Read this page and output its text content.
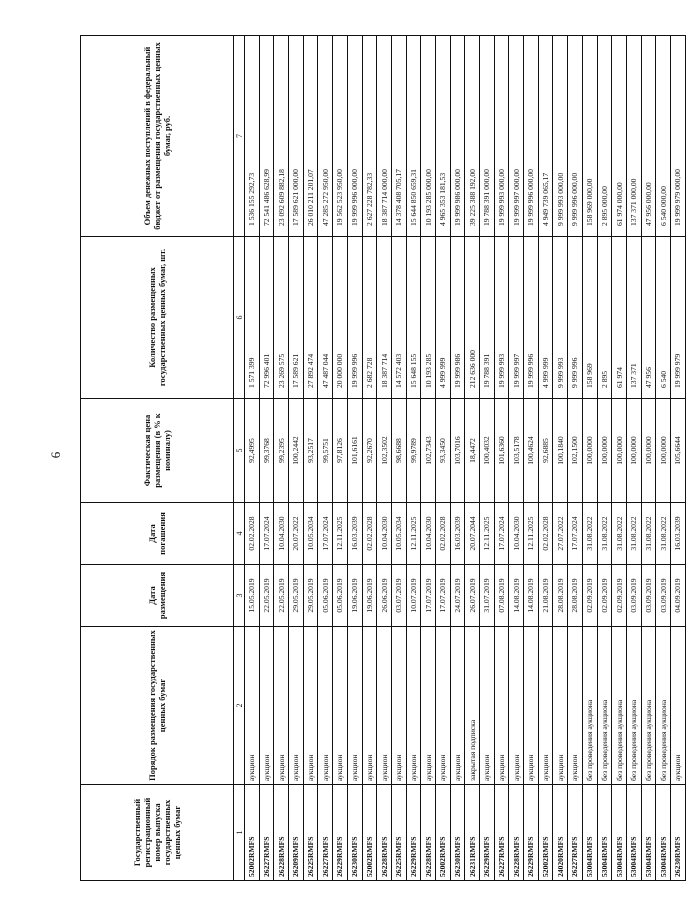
6
Государственный регистрационный номер выпуска государственных ценных бумаг	Порядок размещения государственных ценных бумаг	Дата размещения	Дата погашения	Фактическая цена размещения (в % к номиналу)	Количество размещенных государственных ценных бумаг, шт.	Объем денежных поступлений в федеральный бюджет от размещения государственных ценных бумаг, руб.
1	2	3	4	5	6	7
52002RMFS	аукцион	15.05.2019	02.02.2028	92,4995	1 571 399	1 536 155 292,73
26227RMFS	аукцион	22.05.2019	17.07.2024	99,3768	72 996 401	72 541 486 628,99
26228RMFS	аукцион	22.05.2019	10.04.2030	99,2395	23 269 575	23 092 609 882,18
26209RMFS	аукцион	29.05.2019	20.07.2022	100,2442	17 589 621	17 589 621 000,00
26225RMFS	аукцион	29.05.2019	10.05.2034	93,2517	27 892 474	26 010 211 201,07
26227RMFS	аукцион	05.06.2019	17.07.2024	99,5751	47 487 044	47 285 272 950,00
26229RMFS	аукцион	05.06.2019	12.11.2025	97,8126	20 000 000	19 562 523 950,00
26230RMFS	аукцион	19.06.2019	16.03.2039	101,6161	19 999 996	19 999 996 000,00
52002RMFS	аукцион	19.06.2019	02.02.2028	92,2670	2 682 728	2 627 228 782,33
26228RMFS	аукцион	26.06.2019	10.04.2030	102,3502	18 387 714	18 387 714 000,00
26225RMFS	аукцион	03.07.2019	10.05.2034	98,6688	14 572 403	14 378 408 705,17
26229RMFS	аукцион	10.07.2019	12.11.2025	99,9789	15 648 155	15 644 850 659,31
26228RMFS	аукцион	17.07.2019	10.04.2030	102,7343	10 193 285	10 193 285 000,00
52002RMFS	аукцион	17.07.2019	02.02.2028	93,3450	4 999 999	4 965 353 181,53
26230RMFS	аукцион	24.07.2019	16.03.2039	103,7016	19 999 986	19 999 986 000,00
26231RMFS	закрытая подписка	26.07.2019	20.07.2044	18,4472	212 636 000	39 225 388 192,00
26229RMFS	аукцион	31.07.2019	12.11.2025	100,4032	19 788 391	19 788 391 000,00
26227RMFS	аукцион	07.08.2019	17.07.2024	101,6360	19 999 993	19 999 993 000,00
26228RMFS	аукцион	14.08.2019	10.04.2030	103,5178	19 999 997	19 999 997 000,00
26229RMFS	аукцион	14.08.2019	12.11.2025	100,4624	19 999 996	19 999 996 000,00
52002RMFS	аукцион	21.08.2019	02.02.2028	92,6885	4 999 999	4 949 739 065,17
24020RMFS	аукцион	28.08.2019	27.07.2022	100,1840	9 999 993	9 999 993 000,00
26227RMFS	аукцион	28.08.2019	17.07.2024	102,1500	9 999 996	9 999 996 000,00
53004RMFS	без проведения аукциона	02.09.2019	31.08.2022	100,0000	158 969	158 969 000,00
53004RMFS	без проведения аукциона	02.09.2019	31.08.2022	100,0000	2 895	2 895 000,00
53004RMFS	без проведения аукциона	02.09.2019	31.08.2022	100,0000	61 974	61 974 000,00
53004RMFS	без проведения аукциона	03.09.2019	31.08.2022	100,0000	137 371	137 371 000,00
53004RMFS	без проведения аукциона	03.09.2019	31.08.2022	100,0000	47 956	47 956 000,00
53004RMFS	без проведения аукциона	03.09.2019	31.08.2022	100,0000	6 540	6 540 000,00
26230RMFS	аукцион	04.09.2019	16.03.2039	105,6644	19 999 979	19 999 979 000,00
